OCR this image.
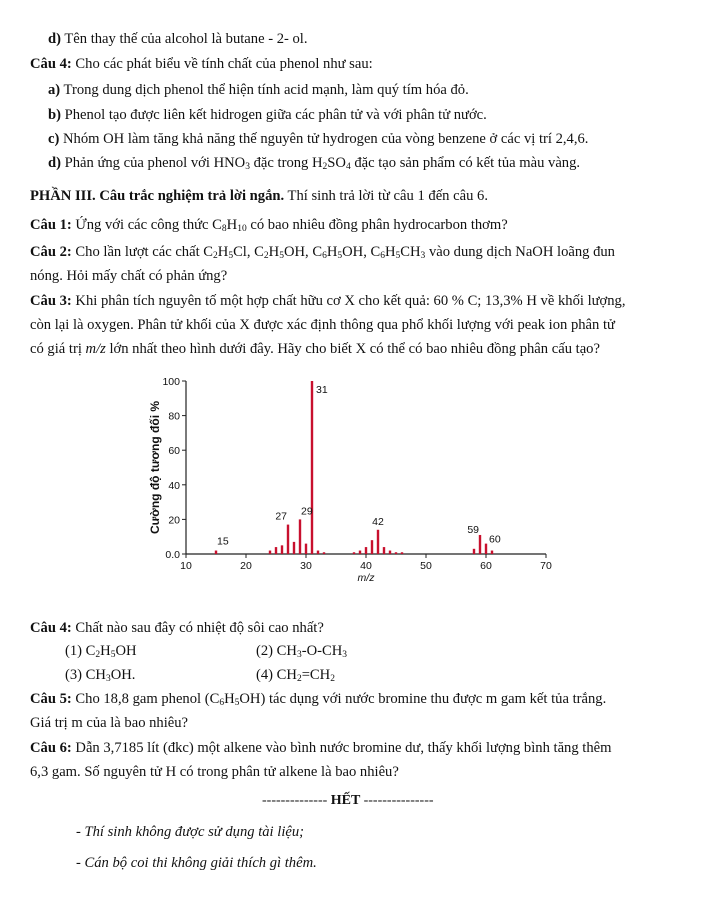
d) Tên thay thế của alcohol là butane - 2- ol.
Câu 4: Cho các phát biểu về tính chất của phenol như sau:
a) Trong dung dịch phenol thể hiện tính acid mạnh, làm quý tím hóa đỏ.
b) Phenol tạo được liên kết hidrogen giữa các phân tử và với phân tử nước.
c) Nhóm OH làm tăng khả năng thế nguyên tử hydrogen của vòng benzene ở các vị trí 2,4,6.
d) Phản ứng của phenol với $HNO_3$ đặc trong $H_2SO_4$ đặc tạo sản phẩm có kết tủa màu vàng.
PHẦN III. Câu trắc nghiệm trả lời ngắn. Thí sinh trả lời từ câu 1 đến câu 6.
Câu 1: Ứng với các công thức $C_8H_{10}$ có bao nhiêu đồng phân hydrocarbon thơm?
Câu 2: Cho lần lượt các chất $C_2H_5Cl$, $C_2H_5OH$, $C_6H_5OH$, $C_6H_5CH_3$ vào dung dịch NaOH loãng đun
nóng. Hỏi mấy chất có phản ứng?
Câu 3: Khi phân tích nguyên tố một hợp chất hữu cơ X cho kết quả: 60 % C; 13,3% H về khối lượng,
còn lại là oxygen. Phân tử khối của X được xác định thông qua phổ khối lượng với peak ion phân tử
có giá trị m/z lớn nhất theo hình dưới đây. Hãy cho biết X có thể có bao nhiêu đồng phân cấu tạo?
m/z
Cường độ tương đối %
15
27 29
31
42
59
60
0.0
20
40
60
80
100
10	20	30	40	50	60	70
Câu 4: Chất nào sau đây có nhiệt độ sôi cao nhất?
(1) $C_2H_5OH$	(2) $CH_3-O-CH_3$
(3) $CH_3OH$.	(4) $CH_2=CH_2$
Câu 5: Cho 18,8 gam phenol $(C_6H_5OH)$ tác dụng với nước bromine thu được m gam kết tủa trắng.
Giá trị m của là bao nhiêu?
Câu 6: Dẫn 3,7185 lít (đkc) một alkene vào bình nước bromine dư, thấy khối lượng bình tăng thêm
6,3 gam. Số nguyên tử H có trong phân tử alkene là bao nhiêu?
-------------- HẾT ---------------
- Thí sinh không được sử dụng tài liệu;
- Cán bộ coi thi không giải thích gì thêm.
